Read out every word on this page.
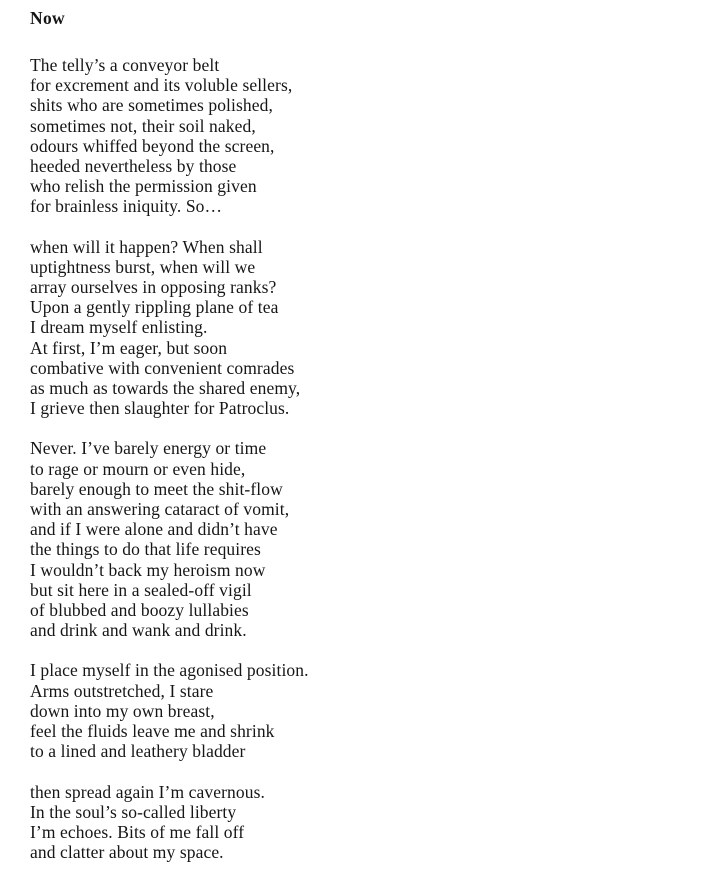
Now
The telly’s a conveyor belt
for excrement and its voluble sellers,
shits who are sometimes polished,
sometimes not, their soil naked,
odours whiffed beyond the screen,
heeded nevertheless by those
who relish the permission given
for brainless iniquity. So…
when will it happen? When shall
uptightness burst, when will we
array ourselves in opposing ranks?
Upon a gently rippling plane of tea
I dream myself enlisting.
At first, I’m eager, but soon
combative with convenient comrades
as much as towards the shared enemy,
I grieve then slaughter for Patroclus.
Never. I’ve barely energy or time
to rage or mourn or even hide,
barely enough to meet the shit-flow
with an answering cataract of vomit,
and if I were alone and didn’t have
the things to do that life requires
I wouldn’t back my heroism now
but sit here in a sealed-off vigil
of blubbed and boozy lullabies
and drink and wank and drink.
I place myself in the agonised position.
Arms outstretched, I stare
down into my own breast,
feel the fluids leave me and shrink
to a lined and leathery bladder
then spread again I’m cavernous.
In the soul’s so-called liberty
I’m echoes. Bits of me fall off
and clatter about my space.
